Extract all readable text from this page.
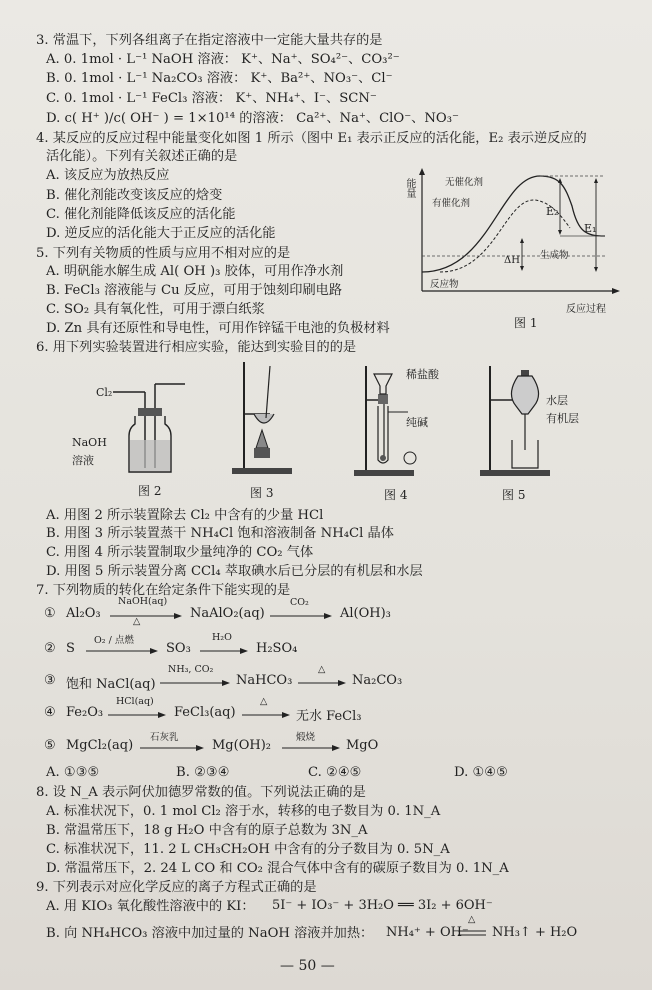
3. 常温下，下列各组离子在指定溶液中一定能大量共存的是
A. 0. 1mol · L⁻¹ NaOH 溶液： K⁺、Na⁺、SO₄²⁻、CO₃²⁻
B. 0. 1mol · L⁻¹ Na₂CO₃ 溶液： K⁺、Ba²⁺、NO₃⁻、Cl⁻
C. 0. 1mol · L⁻¹ FeCl₃ 溶液： K⁺、NH₄⁺、I⁻、SCN⁻
D. c( H⁺ )/c( OH⁻ ) = 1×10¹⁴ 的溶液： Ca²⁺、Na⁺、ClO⁻、NO₃⁻
4. 某反应的反应过程中能量变化如图 1 所示（图中 E₁ 表示正反应的活化能，E₂ 表示逆反应的
活化能）。下列有关叙述正确的是
A. 该反应为放热反应
B. 催化剂能改变该反应的焓变
C. 催化剂能降低该反应的活化能
D. 逆反应的活化能大于正反应的活化能
能量	无催化剂
有催化剂
E₂
E₁
ΔH 生成物
反应物
反应过程
图 1
5. 下列有关物质的性质与应用不相对应的是
A. 明矾能水解生成 Al( OH )₃ 胶体，可用作净水剂
B. FeCl₃ 溶液能与 Cu 反应，可用于蚀刻印刷电路
C. SO₂ 具有氧化性，可用于漂白纸浆
D. Zn 具有还原性和导电性，可用作锌锰干电池的负极材料
6. 用下列实验装置进行相应实验，能达到实验目的的是
Cl₂
NaOH
溶液
图 2	图 3
稀盐酸
纯碱
图 4
水层
有机层
图 5
A. 用图 2 所示装置除去 Cl₂ 中含有的少量 HCl
B. 用图 3 所示装置蒸干 NH₄Cl 饱和溶液制备 NH₄Cl 晶体
C. 用图 4 所示装置制取少量纯净的 CO₂ 气体
D. 用图 5 所示装置分离 CCl₄ 萃取碘水后已分层的有机层和水层
7. 下列物质的转化在给定条件下能实现的是
① Al₂O₃
NaOH(aq)
△
NaAlO₂(aq)
CO₂
Al(OH)₃
② S
O₂ / 点燃
SO₃
H₂O
H₂SO₄
③ 饱和 NaCl(aq)
NH₃, CO₂
NaHCO₃
△
Na₂CO₃
④ Fe₂O₃
HCl(aq)
FeCl₃(aq)
△
无水 FeCl₃
⑤ MgCl₂(aq)
石灰乳
Mg(OH)₂
煅烧
MgO
A. ①③⑤	B. ②③④	C. ②④⑤	D. ①④⑤
8. 设 N_A 表示阿伏加德罗常数的值。下列说法正确的是
A. 标准状况下，0. 1 mol Cl₂ 溶于水，转移的电子数目为 0. 1N_A
B. 常温常压下，18 g H₂O 中含有的原子总数为 3N_A
C. 标准状况下，11. 2 L CH₃CH₂OH 中含有的分子数目为 0. 5N_A
D. 常温常压下，2. 24 L CO 和 CO₂ 混合气体中含有的碳原子数目为 0. 1N_A
9. 下列表示对应化学反应的离子方程式正确的是
A. 用 KIO₃ 氧化酸性溶液中的 KI： 5I⁻ + IO₃⁻ + 3H₂O ══ 3I₂ + 6OH⁻
B. 向 NH₄HCO₃ 溶液中加过量的 NaOH 溶液并加热： NH₄⁺ + OH⁻
△
NH₃↑ + H₂O
— 50 —
